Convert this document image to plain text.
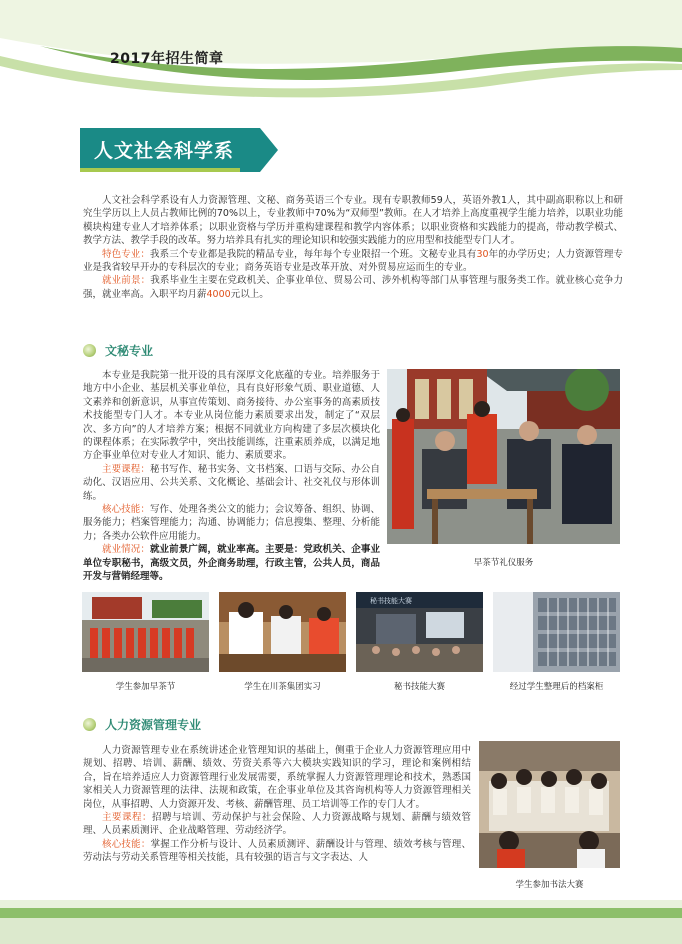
2017年招生简章
人文社会科学系

人文社会科学系设有人力资源管理、文秘、商务英语三个专业。现有专职教师59人，英语外教1人，其中副高职称以上和研究生学历以上人员占教师比例的70%以上，专业教师中70%为“双师型”教师。在人才培养上高度重视学生能力培养，以职业功能模块构建专业人才培养体系；以职业资格与学历并重构建课程和教学内容体系；以职业资格和实践能力的提高，带动教学模式、教学方法、教学手段的改革。努力培养具有扎实的理论知识和较强实践能力的应用型和技能型专门人才。

特色专业：我系三个专业都是我院的精品专业，每年每个专业限招一个班。文秘专业具有30年的办学历史；人力资源管理专业是我省较早开办的专科层次的专业；商务英语专业是改革开放、对外贸易应运而生的专业。

就业前景：我系毕业生主要在党政机关、企事业单位、贸易公司、涉外机构等部门从事管理与服务类工作。就业核心竞争力强，就业率高。入职平均月薪4000元以上。

文秘专业

本专业是我院第一批开设的具有深厚文化底蕴的专业。培养服务于地方中小企业、基层机关事业单位，具有良好形象气质、职业道德、人文素养和创新意识，从事宣传策划、商务接待、办公室事务的高素质技术技能型专门人才。本专业从岗位能力素质要求出发，制定了“双层次、多方向”的人才培养方案；根据不同就业方向构建了多层次模块化的课程体系；在实际教学中，突出技能训练，注重素质养成，以满足地方企事业单位对专业人才知识、能力、素质要求。

主要课程：秘书写作、秘书实务、文书档案、口语与交际、办公自动化、汉语应用、公共关系、文化概论、基础会计、社交礼仪与形体训练。

核心技能：写作、处理各类公文的能力；会议筹备、组织、协调、服务能力；档案管理能力；沟通、协调能力；信息搜集、整理、分析能力；各类办公软件应用能力。

就业情况：就业前景广阔，就业率高。主要是：党政机关、企事业单位专职秘书，高级文员，外企商务助理，行政主管，公共人员，商品开发与营销经理等。

早茶节礼仪服务
学生参加早茶节	学生在川茶集团实习
秘书技能大赛
秘书技能大赛	经过学生整理后的档案柜
人力资源管理专业

人力资源管理专业在系统讲述企业管理知识的基础上，侧重于企业人力资源管理应用中规划、招聘、培训、薪酬、绩效、劳资关系等六大模块实践知识的学习，理论和案例相结合，旨在培养适应人力资源管理行业发展需要，系统掌握人力资源管理理论和技术，熟悉国家相关人力资源管理的法律、法规和政策，在企事业单位及其咨询机构等人力资源管理相关岗位，从事招聘、人力资源开发、考核、薪酬管理、员工培训等工作的专门人才。

主要课程：招聘与培训、劳动保护与社会保险、人力资源战略与规划、薪酬与绩效管理、人员素质测评、企业战略管理、劳动经济学。

核心技能：掌握工作分析与设计、人员素质测评、薪酬设计与管理、绩效考核与管理、劳动法与劳动关系管理等相关技能，具有较强的语言与文字表达、人

学生参加书法大赛
